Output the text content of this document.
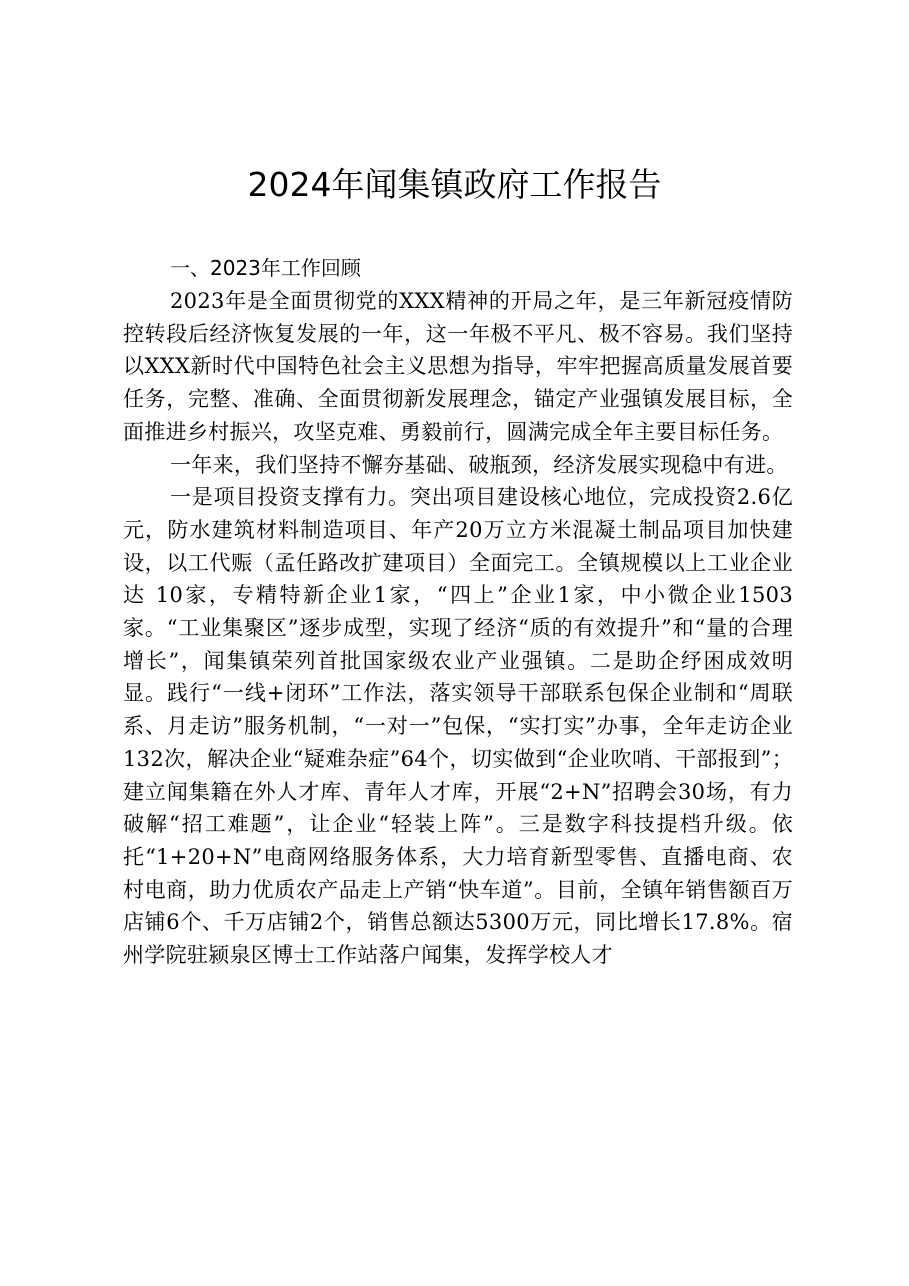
2024年闻集镇政府工作报告
一、2023年工作回顾

2023年是全面贯彻党的XXX精神的开局之年，是三年新冠疫情防控转段后经济恢复发展的一年，这一年极不平凡、极不容易。我们坚持以XXX新时代中国特色社会主义思想为指导，牢牢把握高质量发展首要任务，完整、准确、全面贯彻新发展理念，锚定产业强镇发展目标，全面推进乡村振兴，攻坚克难、勇毅前行，圆满完成全年主要目标任务。

一年来，我们坚持不懈夯基础、破瓶颈，经济发展实现稳中有进。

一是项目投资支撑有力。突出项目建设核心地位，完成投资2.6亿元，防水建筑材料制造项目、年产20万立方米混凝土制品项目加快建设，以工代赈（孟任路改扩建项目）全面完工。全镇规模以上工业企业达 10家，专精特新企业1家，“四上”企业1家，中小微企业1503家。“工业集聚区”逐步成型，实现了经济“质的有效提升”和“量的合理增长”，闻集镇荣列首批国家级农业产业强镇。二是助企纾困成效明显。践行“一线+闭环”工作法，落实领导干部联系包保企业制和“周联系、月走访”服务机制，“一对一”包保，“实打实”办事，全年走访企业132次，解决企业“疑难杂症”64个，切实做到“企业吹哨、干部报到”；建立闻集籍在外人才库、青年人才库，开展“2+N”招聘会30场，有力破解“招工难题”，让企业“轻装上阵”。三是数字科技提档升级。依托“1+20+N”电商网络服务体系，大力培育新型零售、直播电商、农村电商，助力优质农产品走上产销“快车道”。目前，全镇年销售额百万店铺6个、千万店铺2个，销售总额达5300万元，同比增长17.8%。宿州学院驻颍泉区博士工作站落户闻集，发挥学校人才
